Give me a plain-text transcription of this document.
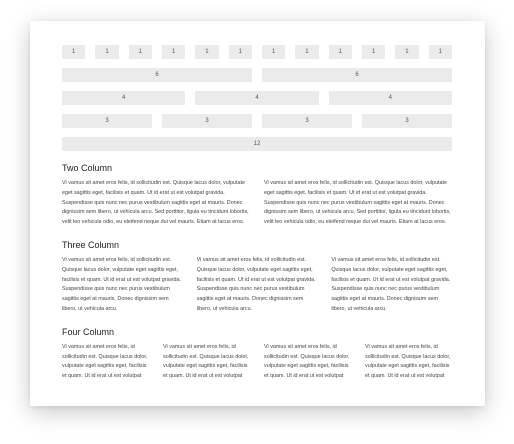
1	1	1	1	1	1	1	1	1	1	1	1
6	6
4	4	4
3	3	3	3
12
Two Column
Vi vamus sit amet eros felis, id sollicitudin est. Quisque lacus dolor, vulputate eget sagittis eget, facilisis et quam. Ut id erat ut est volutpat gravida. Suspendisse quis nunc nec purus vestibulum sagittis eget at mauris. Donec dignissim sem libero, ut vehicula arcu. Sed porttitor, ligula eu tincidunt lobortis, velit leo vehicula odio, eu eleifend neque dui vel mauris. Etiam at lacus eros.
Vi vamus sit amet eros felis, id sollicitudin est. Quisque lacus dolor, vulputate eget sagittis eget, facilisis et quam. Ut id erat ut est volutpat gravida. Suspendisse quis nunc nec purus vestibulum sagittis eget at mauris. Donec dignissim sem libero, ut vehicula arcu. Sed porttitor, ligula eu tincidunt lobortis, velit leo vehicula odio, eu eleifend neque dui vel mauris. Etiam at lacus eros.
Three Column
Vi vamus sit amet eros felis, id sollicitudin est. Quisque lacus dolor, vulputate eget sagittis eget, facilisis et quam. Ut id erat ut est volutpat gravida. Suspendisse quis nunc nec purus vestibulum sagittis eget at mauris. Donec dignissim sem libero, ut vehicula arcu.
Vi vamus sit amet eros felis, id sollicitudin est. Quisque lacus dolor, vulputate eget sagittis eget, facilisis et quam. Ut id erat ut est volutpat gravida. Suspendisse quis nunc nec purus vestibulum sagittis eget at mauris. Donec dignissim sem libero, ut vehicula arcu.
Vi vamus sit amet eros felis, id sollicitudin est. Quisque lacus dolor, vulputate eget sagittis eget, facilisis et quam. Ut id erat ut est volutpat gravida. Suspendisse quis nunc nec purus vestibulum sagittis eget at mauris. Donec dignissim sem libero, ut vehicula arcu.
Four Column
Vi vamus sit amet eros felis, id sollicitudin est. Quisque lacus dolor, vulputate eget sagittis eget, facilisis et quam. Ut id erat ut est volutpat
Vi vamus sit amet eros felis, id sollicitudin est. Quisque lacus dolor, vulputate eget sagittis eget, facilisis et quam. Ut id erat ut est volutpat
Vi vamus sit amet eros felis, id sollicitudin est. Quisque lacus dolor, vulputate eget sagittis eget, facilisis et quam. Ut id erat ut est volutpat
Vi vamus sit amet eros felis, id sollicitudin est. Quisque lacus dolor, vulputate eget sagittis eget, facilisis et quam. Ut id erat ut est volutpat
